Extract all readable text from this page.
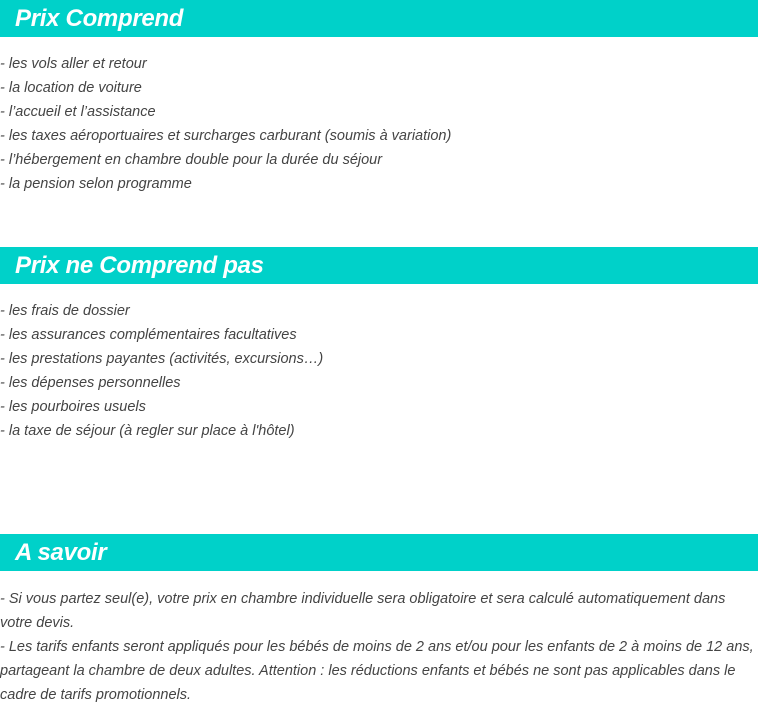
Prix Comprend
- les vols aller et retour
- la location de voiture
- l’accueil et l’assistance
- les taxes aéroportuaires et surcharges carburant (soumis à variation)
- l’hébergement en chambre double pour la durée du séjour
- la pension selon programme
Prix ne Comprend pas
- les frais de dossier
- les assurances complémentaires facultatives
- les prestations payantes (activités, excursions…)
- les dépenses personnelles
- les pourboires usuels
- la taxe de séjour (à regler sur place à l'hôtel)
A savoir

- Si vous partez seul(e), votre prix en chambre individuelle sera obligatoire et sera calculé automatiquement dans votre devis.

- Les tarifs enfants seront appliqués pour les bébés de moins de 2 ans et/ou pour les enfants de 2 à moins de 12 ans, partageant la chambre de deux adultes. Attention : les réductions enfants et bébés ne sont pas applicables dans le cadre de tarifs promotionnels.
